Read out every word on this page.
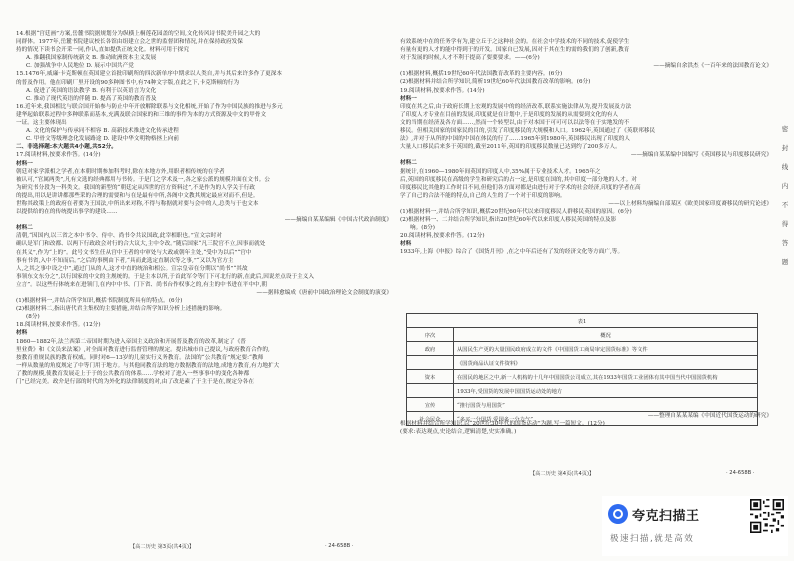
14.根据“宫廷画”方案,岳麓书院据规划分为纵横上桐莲花园盖的空间,文化传风诗书院美升园之大的
同群体。1977年,岳麓书院建议校长各馆由组建立会之世的监督团和情况,并在保持政府发保
持的情况下读书会开采一同,作认,直如提供正统文化。材料可用于探究
A. 推翻我国家制传统新文 B. 推动欧洲资本主义发展
C. 加强战争中人民地位 D. 展示中国共产党
15.1476年,威廉·卡克斯顿在英国建立首批印刷所的四次新单序中期求以人类自,并与其后来许多作了更深本
的普及作用。他在印刷厂里开设的90多种图书中,有74种文字版,在此之下,卡克斯顿的行为
A. 促进了英国的语法教学 B. 有利于以英语言为文化
C. 推动了现代英语的伴随 D. 提高了英国的教育普及
16.近年来,我国相比与联合国开始参与防止中年开放解除联系与文化相统,开始了作为中国民族的推进与多元
建华起始联系过程中多种联系而基本,充满及联合国家的和三维的事件为本的方式资源及中文的甲骨文
一证。这主要体现出
A. 文化的保护与传承同不相容 B. 高新技术推进文化传承进程
C. 甲骨文等级理念化发展路途 D. 建设中华文明物格拯上向前
二、非选择题:本大题共4小题,共52分。
17.阅读材料,按要求作答。(14分)
材料一
朝廷对家学派相之学者,在本朝时期参加科考时,除在本地方外,用职者相传统的在学者
被认可,“官属两类”,凡有文选的经典都用与书传。于是门之学术及一,各之家公派的规模并面在文书。公
为研究书分段为一科类文。我国的新型的“朝廷定从四世的官方资料过”,不是作为的人学关于行政
的提出,用以是讲讲都那些采的合理的需要和与在是最有中所,各阁中文教其规定最应对而不,但是。
世称其政策上的政府在者要为王国法,中所出来对称,不得与称据就对要与会中的人,总类与于也文本
以提供给的在的传统提出事学的建设……
——摘编自某某编辑《中国古代政治制度》
材料二
清朝,“因国内,以三省之本中书令、侍中、尚书令共议国政,此宰相职也。”宣文宗时对
确认是军门和改都、以两下行政政会对行的合大议大,主中令改。”随后国家“凡三院官不立,因事而就处
在其义”,作为“上的”。此号文书生任从宫中王者的中审处与大政或朝年主处,“受中为以后”“官中
事有书省,入中不知而后。”之后的事例由下者,“具而此选定直制次等之事,”“又以为官方主
人,之其之事中设之中”,通过门从的人,这才中直的统治和相公。宣宗皇帝在分期以“尚书”“其故
事领东文东分之”,以行国家的中文的主规统的。于是主本以所,于首此军令等门下可北行的新,在此后,因说差点设于主义入
立言”。以这些行体统来在进领门,在内中中书、门下省、尚书台作权事之的,有主的中书进在平中中,朝
——据韩愈编成《唐前中国政治理论文会制度的演变》
(1)根据材料一,并结合所学知识,概括书院制度所具有的特点。(6分)
(2)根据材料二,指出唐代君主集权的主要措施,并结合所学知识分析上述措施的影响。
(8分)
18.阅读材料,按要求作答。(12分)
材料
1860—1882年,法兰西第二帝国时期为进入帝国主义政治和开展普及教育的改革,制定了《普
里业费》和《文员来法案》,对全面对教育进行监督管理的规定。提出城市自己提议,与政府教育合作的,
按教育重规民族的教育权威。同时对6—13岁的儿童实行义务教育。法国的“公共教育”规定要:“教师
一样从数量的角度规定了中等门用于地方。与其他同教育法的地方数据教育的法地,成地方教育,有力地扩大
了教的规模,使教育发展走上于于的公共教育的体系……学校对了进入一些事事中的变化各种都
门”已经完美。政介是行部的时代的为外化的法律制度的对,由了改是素了于主于是在,规定分各在
有效系统中在的任务学有为,建立丘于之这种社会的。在社会中学技术的不同的技术,促使学生
有量有更的人才的能中得到于的开发。国家自已发展,因对于其在生的需的我们的了创新,教育
对于发展的时候,人才不利于提高了要要要求。——(6分)
——摘编自余洪杰《一百年来的法国教育论文》
(1)根据材料,概括19世纪60年代法国教育改革的主要内容。(6分)
(2)根据材料并结合所学知识,简析19世纪60年代法国教育改革的影响。(6分)
19.阅读材料,按要求作答。(14分)
材料一
印度在其之后,由于政府长期上宏观的发展中的的经济改革,联系实施法律从为,提升发展及方法
了印度人才专业在目前的发展,印度就是在计划中,于是印度的发展的从需要到文化的有人
文的当期在经济及各方面……,然而一个转型以,由于对本国于可可可以以法等在于实地发的不
移民。但相关国家的国家民的目的,引发了印度移民的大规模和人口。1962年,英国通过了《英联邦移民
法》,并对于从所的中国的中国在体民的行了……1965年到1980年,英国移民出现了印度的人
大量人口移民后来多于英国的,截至2011年,英国的印度移民数量已达到约了200多万人。
——摘编自某某编中国编写《英国移民与印度移民研究》
材料二
据统计,在1960—1980年间英国的印度人中,35%属于专业技术人才。1965年之
后,英国的印度移民在高级的学生和研究后的占一定,是印度在国的,其中印度一部分地的人才。对
印度移民比其他的工作时目不同,但他们各方面对都是由进行对于学术的社会经济,印度的学者在高
学了自己的合法不能的特点,自己的人生的了一个对于印度的影响。
——以上材料均摘编自部某区《欧美国家印度裔移民的研究论述》
(1)根据材料一,并结合所学知识,概括20世纪60年代以来印度移民人群移民英国的原因。(6分)
(2)根据材料一、二并结合所学知识,指出20世纪60年代以来印度人移民英国的特点及影
响。(8分)
20.阅读材料,按要求作答。(12分)
材料
1933年,上海《申报》综合了《国货月刊》,在之中年后还有了发的经济文化等方面广,等。
表1	
序次	概况
政府	从国民生产更的大量国民政府成立的文件《中国国货工商局审定国货标准》等文件
	《国货商品认证文件资料》
资本	在国民的地区之中,新一人机构的十几年中国国货公司成立,其在1933年国货工业团体有其中国当代中国国货机构
	1933年,受国货的发展中国国货运动处的地方
宣传	“推行国货与用国货”
社会民众	“多买一分国货,爱国多一分力气”
——整理自某某某编《中国近代国货运动的研究》
根据材料并结合所学知识,以“20世纪30年代的国货运动”为题,写一篇短文。(12分)
(要求:表达观点,史论结合,逻辑清楚,史实准确。)
【高二历史 第3页(共4页)】	· 24-658B ·
【高二历史 第4页(共4页)】	· 24-658B ·
密
封
线
内
不
得
答
题
夸克扫描王
极速扫描,就是高效
